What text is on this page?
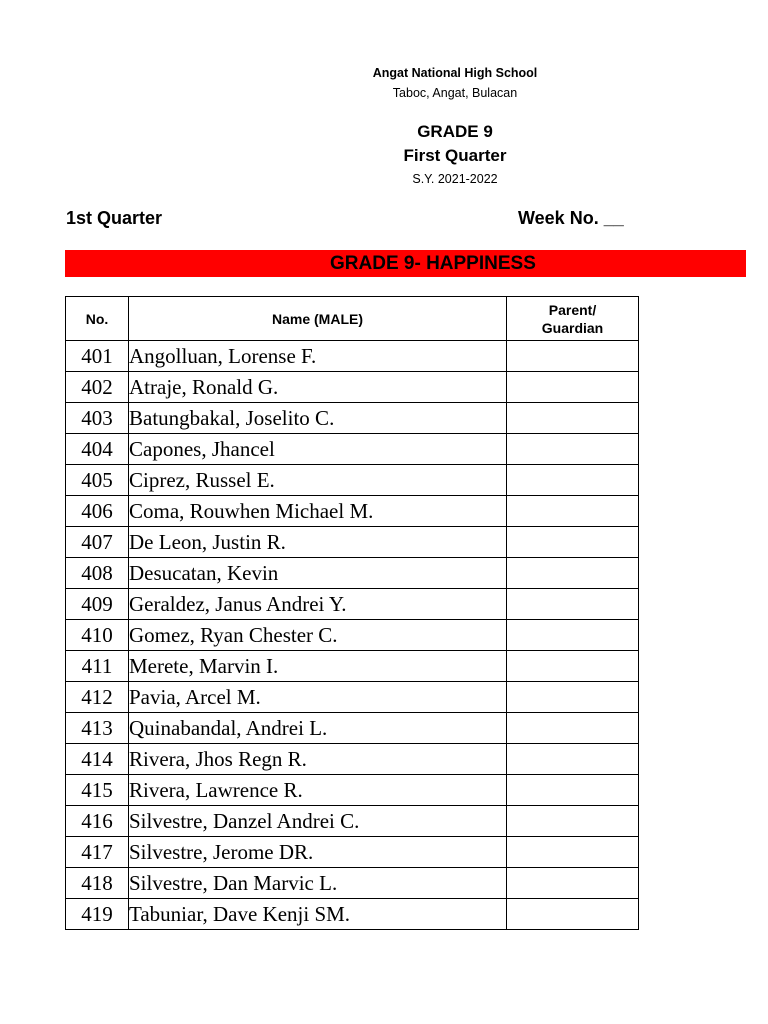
Angat National High School
Taboc, Angat, Bulacan
GRADE 9
First Quarter
S.Y. 2021-2022
1st Quarter	Week No. __
GRADE 9- HAPPINESS
No.	Name (MALE)	Parent/
Guardian
401	Angolluan, Lorense F.	
402	Atraje, Ronald G.	
403	Batungbakal, Joselito C.	
404	Capones, Jhancel	
405	Ciprez, Russel E.	
406	Coma, Rouwhen Michael M.	
407	De Leon, Justin R.	
408	Desucatan, Kevin	
409	Geraldez, Janus Andrei Y.	
410	Gomez, Ryan Chester C.	
411	Merete, Marvin I.	
412	Pavia, Arcel M.	
413	Quinabandal, Andrei L.	
414	Rivera, Jhos Regn R.	
415	Rivera, Lawrence R.	
416	Silvestre, Danzel Andrei C.	
417	Silvestre, Jerome DR.	
418	Silvestre, Dan Marvic L.	
419	Tabuniar, Dave Kenji SM.	
